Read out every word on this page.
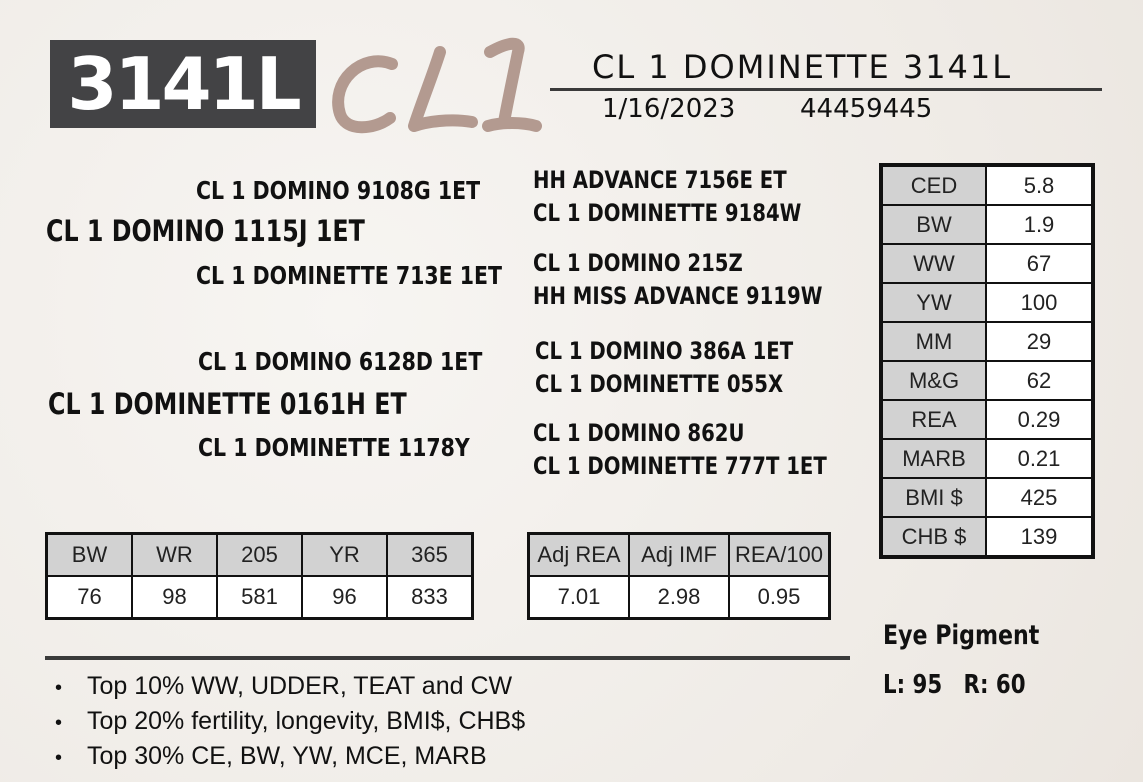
3141L	CL 1 DOMINETTE 3141L
1/16/2023 44459445
CL 1 DOMINO 9108G 1ET
CL 1 DOMINO 1115J 1ET
CL 1 DOMINETTE 713E 1ET
HH ADVANCE 7156E ET
CL 1 DOMINETTE 9184W
CL 1 DOMINO 215Z
HH MISS ADVANCE 9119W
CL 1 DOMINO 6128D 1ET
CL 1 DOMINETTE 0161H ET
CL 1 DOMINETTE 1178Y
CL 1 DOMINO 386A 1ET
CL 1 DOMINETTE 055X
CL 1 DOMINO 862U
CL 1 DOMINETTE 777T 1ET
CED	5.8
BW	1.9
WW	67
YW	100
MM	29
M&G	62
REA	0.29
MARB	0.21
BMI $	425
CHB $	139
BW	WR	205	YR	365
76	98	581	96	833
Adj REA	Adj IMF	REA/100
7.01	2.98	0.95
• Top 10% WW, UDDER, TEAT and CW
• Top 20% fertility, longevity, BMI$, CHB$
• Top 30% CE, BW, YW, MCE, MARB
Eye Pigment
L: 95 R: 60
